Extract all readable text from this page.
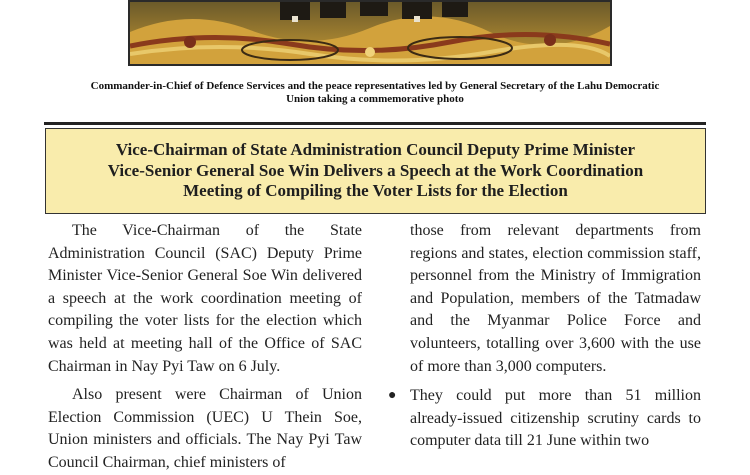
Commander-in-Chief of Defence Services and the peace representatives led by General Secretary of the Lahu Democratic
Union taking a commemorative photo
Vice-Chairman of State Administration Council Deputy Prime Minister
Vice-Senior General Soe Win Delivers a Speech at the Work Coordination
Meeting of Compiling the Voter Lists for the Election

The Vice-Chairman of the State Administration Council (SAC) Deputy Prime Minister Vice-Senior General Soe Win delivered a speech at the work coordination meeting of compiling the voter lists for the election which was held at meeting hall of the Office of SAC Chairman in Nay Pyi Taw on 6 July.

Also present were Chairman of Union Election Commission (UEC) U Thein Soe, Union ministers and officials. The Nay Pyi Taw Council Chairman, chief ministers of

those from relevant departments from regions and states, election commission staff, personnel from the Ministry of Immigration and Population, members of the Tatmadaw and the Myanmar Police Force and volunteers, totalling over 3,600 with the use of more than 3,000 computers.

● They could put more than 51 million already-issued citizenship scrutiny cards to computer data till 21 June within two
